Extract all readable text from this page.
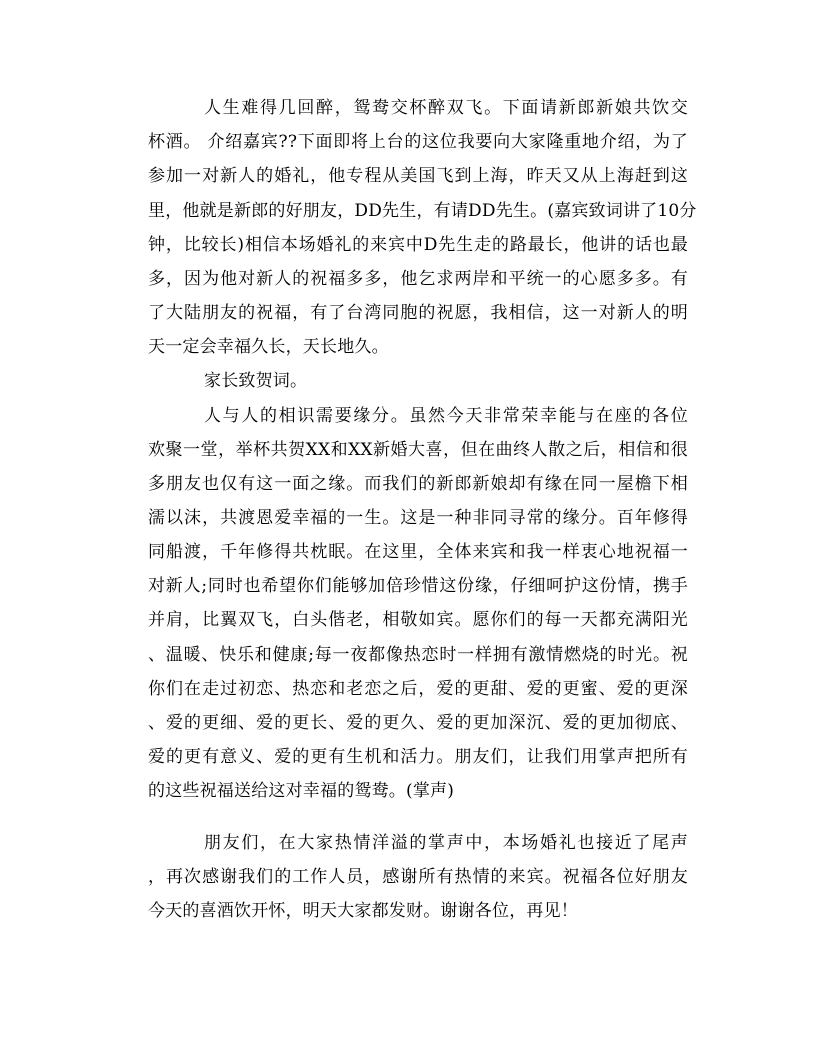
人生难得几回醉，鸳鸯交杯醉双飞。下面请新郎新娘共饮交
杯酒。 介绍嘉宾??下面即将上台的这位我要向大家隆重地介绍，为了
参加一对新人的婚礼，他专程从美国飞到上海，昨天又从上海赶到这
里，他就是新郎的好朋友，DD先生，有请DD先生。(嘉宾致词讲了10分
钟，比较长)相信本场婚礼的来宾中D先生走的路最长，他讲的话也最
多，因为他对新人的祝福多多，他乞求两岸和平统一的心愿多多。有
了大陆朋友的祝福，有了台湾同胞的祝愿，我相信，这一对新人的明
天一定会幸福久长，天长地久。
家长致贺词。
人与人的相识需要缘分。虽然今天非常荣幸能与在座的各位
欢聚一堂，举杯共贺XX和XX新婚大喜，但在曲终人散之后，相信和很
多朋友也仅有这一面之缘。而我们的新郎新娘却有缘在同一屋檐下相
濡以沫，共渡恩爱幸福的一生。这是一种非同寻常的缘分。百年修得
同船渡，千年修得共枕眠。在这里，全体来宾和我一样衷心地祝福一
对新人;同时也希望你们能够加倍珍惜这份缘，仔细呵护这份情，携手
并肩，比翼双飞，白头偕老，相敬如宾。愿你们的每一天都充满阳光
、温暖、快乐和健康;每一夜都像热恋时一样拥有激情燃烧的时光。祝
你们在走过初恋、热恋和老恋之后，爱的更甜、爱的更蜜、爱的更深
、爱的更细、爱的更长、爱的更久、爱的更加深沉、爱的更加彻底、
爱的更有意义、爱的更有生机和活力。朋友们，让我们用掌声把所有
的这些祝福送给这对幸福的鸳鸯。(掌声)
朋友们，在大家热情洋溢的掌声中，本场婚礼也接近了尾声
，再次感谢我们的工作人员，感谢所有热情的来宾。祝福各位好朋友
今天的喜酒饮开怀，明天大家都发财。谢谢各位，再见！
